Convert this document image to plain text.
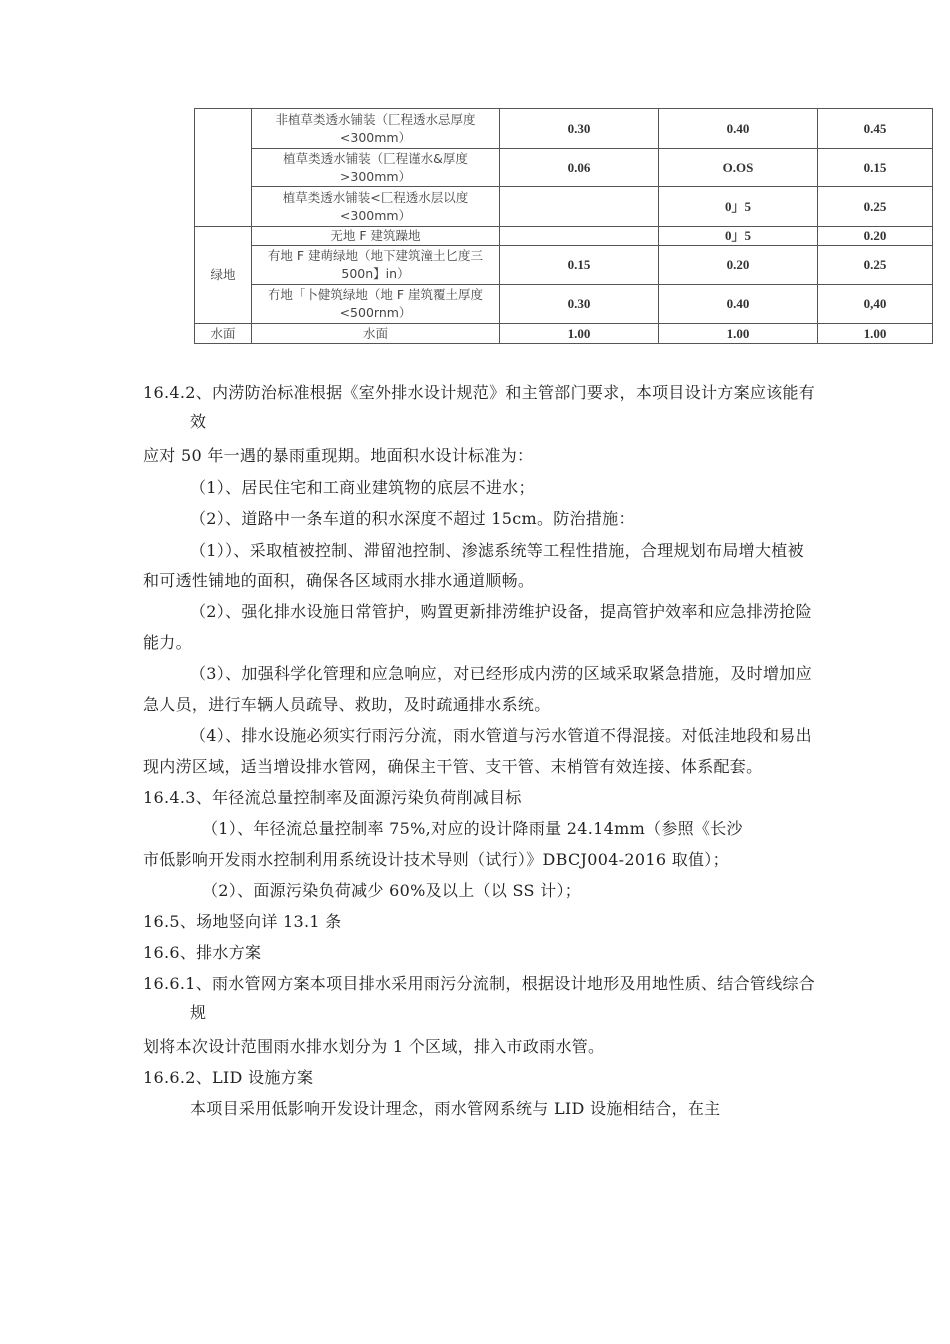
	非植草类透水铺装（匚程透水忌厚度
<300mm）	0.30	0.40	0.45

	植草类透水铺装（匚程谨水&厚度
>300mm）	0.06	O.OS	0.15

	植草类透水铺装<匚程透水层以度
<300mm）		0」5	0.25
绿地	无地 F 建筑躁地		0」5	0.20

	有地 F 建萌绿地（地下建筑潼土匕度三
500n】in）	0.15	0.20	0.25

	冇地「卜健筑绿地（地 F 崖筑覆土厚度
<500rnm）	0.30	0.40	0,40
水面	水面	1.00	1.00	1.00
16.4.2、内涝防治标准根据《室外排水设计规范》和主管部门要求，本项目设计方案应该能有
效
应对 50 年一遇的暴雨重现期。地面积水设计标准为：
（1）、居民住宅和工商业建筑物的底层不进水；
（2）、道路中一条车道的积水深度不超过 15cm。防治措施：
（1））、采取植被控制、滞留池控制、渗滤系统等工程性措施，合理规划布局增大植被
和可透性铺地的面积，确保各区域雨水排水通道顺畅。
（2）、强化排水设施日常管护，购置更新排涝维护设备，提高管护效率和应急排涝抢险
能力。
（3）、加强科学化管理和应急响应，对已经形成内涝的区域采取紧急措施，及时增加应
急人员，进行车辆人员疏导、救助，及时疏通排水系统。
（4）、排水设施必须实行雨污分流，雨水管道与污水管道不得混接。对低洼地段和易出
现内涝区域，适当增设排水管网，确保主干管、支干管、末梢管有效连接、体系配套。
16.4.3、年径流总量控制率及面源污染负荷削减目标
（1）、年径流总量控制率 75%,对应的设计降雨量 24.14mm（参照《长沙
市低影响开发雨水控制利用系统设计技术导则（试行）》DBCJ004-2016 取值）；
（2）、面源污染负荷减少 60%及以上（以 SS 计）；
16.5、场地竖向详 13.1 条
16.6、排水方案
16.6.1、雨水管网方案本项目排水采用雨污分流制，根据设计地形及用地性质、结合管线综合
规
划将本次设计范围雨水排水划分为 1 个区域，排入市政雨水管。
16.6.2、LID 设施方案
本项目采用低影响开发设计理念，雨水管网系统与 LID 设施相结合，在主
